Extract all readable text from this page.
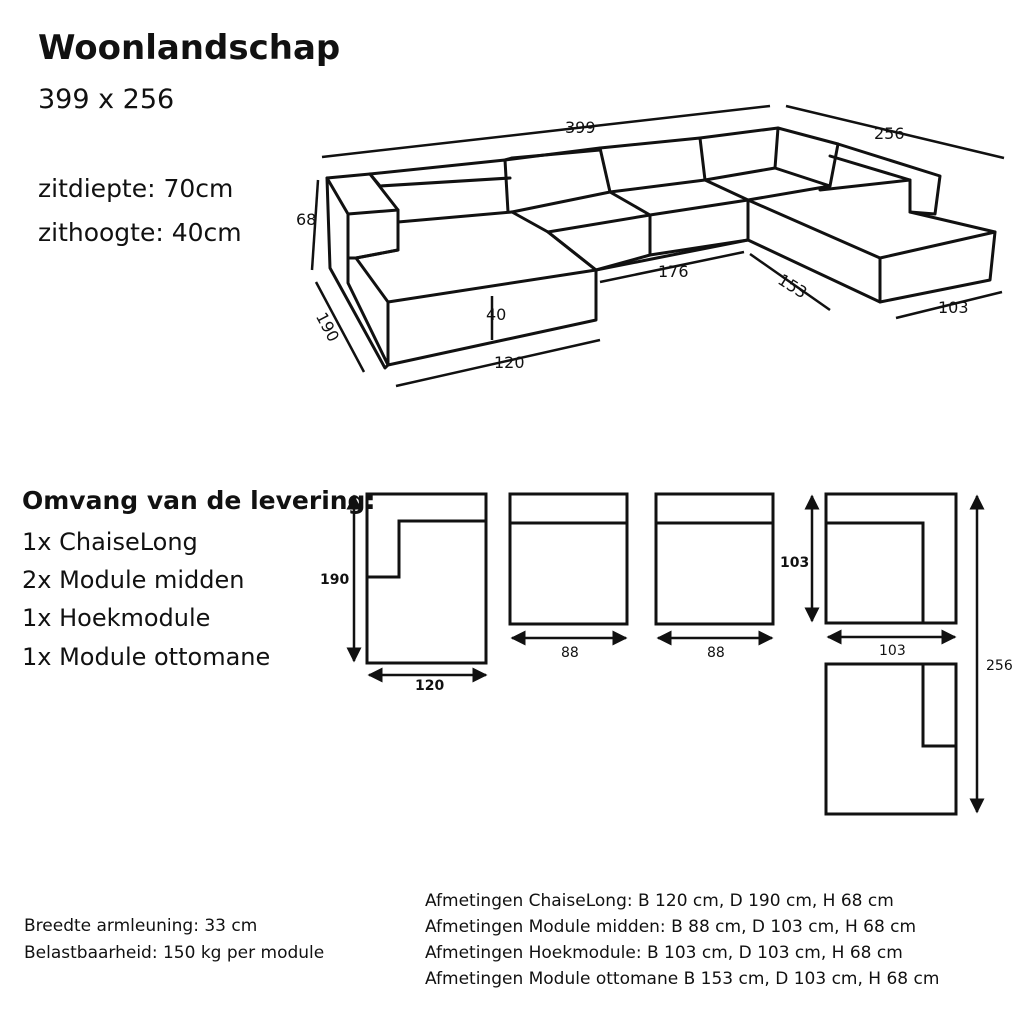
Woonlandschap
399 x 256
zitdiepte: 70cm
zithoogte: 40cm
399	256
68
190	40
120
176	153
103
Omvang van de levering:
1x ChaiseLong
2x Module midden
1x Hoekmodule
1x Module ottomane
190
120
88	88
103
103
256
Breedte armleuning: 33 cm
Belastbaarheid: 150 kg per module
Afmetingen ChaiseLong: B 120 cm, D 190 cm, H 68 cm
Afmetingen Module midden: B 88 cm, D 103 cm, H 68 cm
Afmetingen Hoekmodule: B 103 cm, D 103 cm, H 68 cm
Afmetingen Module ottomane B 153 cm, D 103 cm, H 68 cm
